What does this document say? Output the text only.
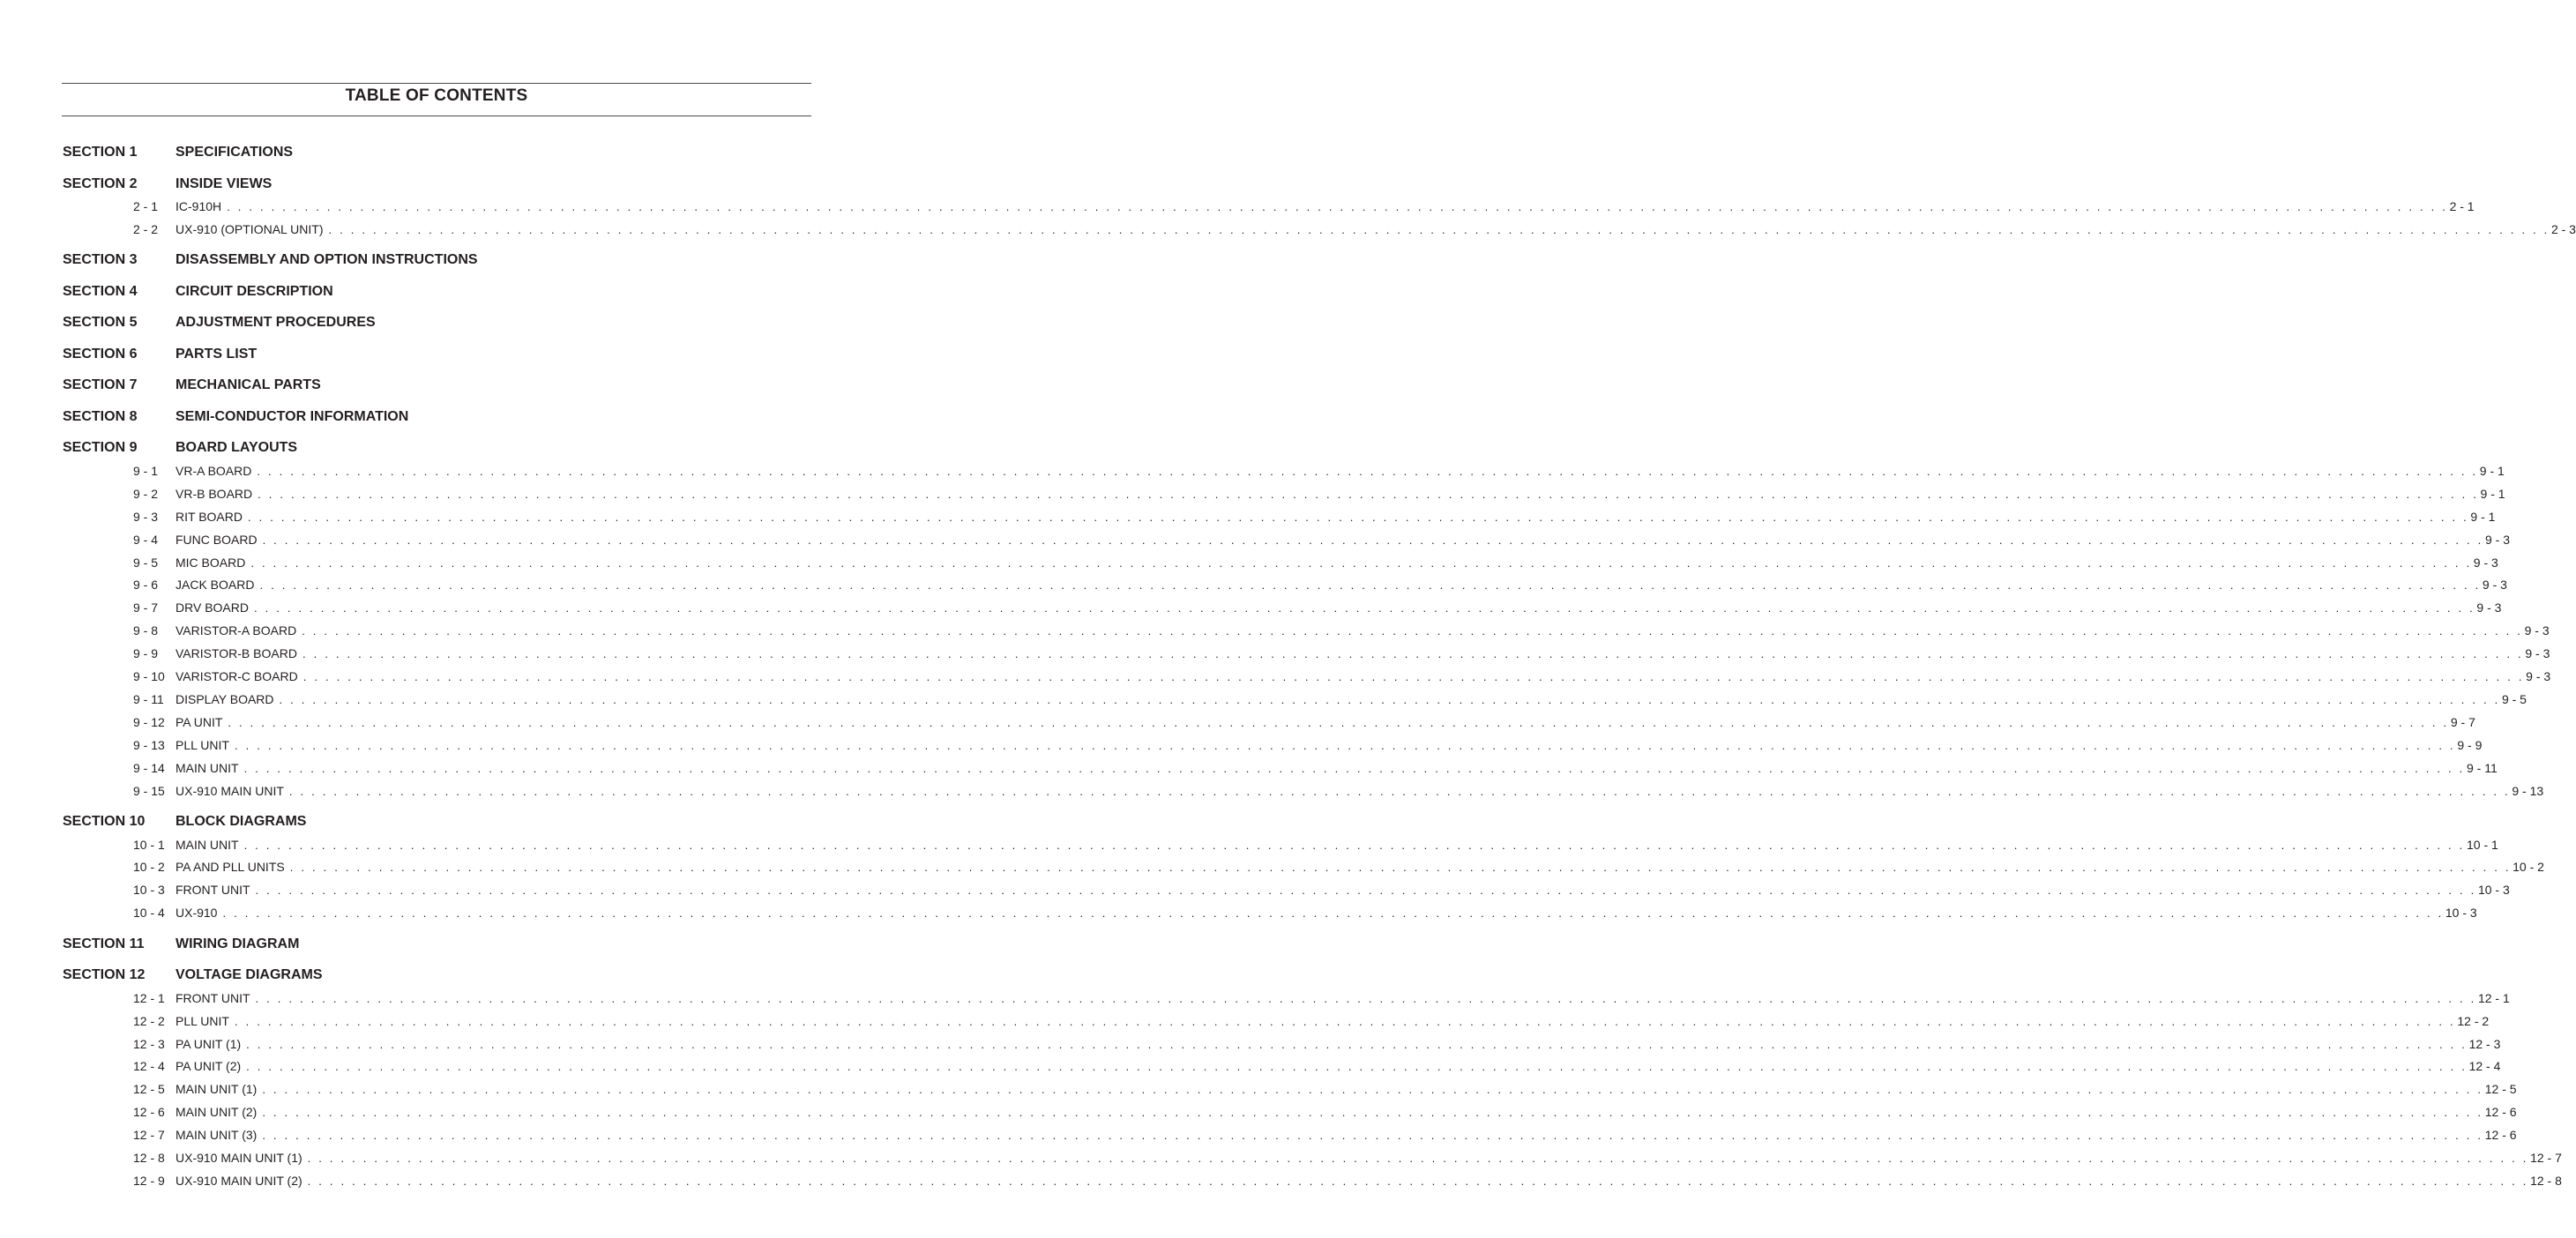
TABLE OF CONTENTS
SECTION 1	SPECIFICATIONS
SECTION 2	INSIDE VIEWS
2 - 1 IC-910H . . . . . . . . . . . . . . . . . . . . . . . . . . . . . . . . . . . . . . . . . . . . . . . . . . . . . . . . . . . . . . . . . . . . . . . . . . . . . . . . . . . . . . . . . . . . . . . . . . . . . . . . . . . . . . . . . . . . . . . . . . . . . . . . . . . . . . . . . . . . . . . . . . . . . . . . . . . . . . . . . . . . . . . . . . . . . . . . . . . . . . . . . . . . . . . . . . . . . . . . 2 - 1
2 - 2 UX-910 (OPTIONAL UNIT) . . . . . . . . . . . . . . . . . . . . . . . . . . . . . . . . . . . . . . . . . . . . . . . . . . . . . . . . . . . . . . . . . . . . . . . . . . . . . . . . . . . . . . . . . . . . . . . . . . . . . . . . . . . . . . . . . . . . . . . . . . . . . . . . . . . . . . . . . . . . . . . . . . . . . . . . . . . . . . . . . . . . . . . . . . . . . . . . . . . . . . . . . . . . . . . . . . . . . . . . 2 - 3
SECTION 3	DISASSEMBLY AND OPTION INSTRUCTIONS
SECTION 4	CIRCUIT DESCRIPTION
SECTION 5	ADJUSTMENT PROCEDURES
SECTION 6	PARTS LIST
SECTION 7	MECHANICAL PARTS
SECTION 8	SEMI-CONDUCTOR INFORMATION
SECTION 9	BOARD LAYOUTS
9 - 1 VR-A BOARD . . . . . . . . . . . . . . . . . . . . . . . . . . . . . . . . . . . . . . . . . . . . . . . . . . . . . . . . . . . . . . . . . . . . . . . . . . . . . . . . . . . . . . . . . . . . . . . . . . . . . . . . . . . . . . . . . . . . . . . . . . . . . . . . . . . . . . . . . . . . . . . . . . . . . . . . . . . . . . . . . . . . . . . . . . . . . . . . . . . . . . . . . . . . . . . . . . . . . . . . 9 - 1
9 - 2 VR-B BOARD . . . . . . . . . . . . . . . . . . . . . . . . . . . . . . . . . . . . . . . . . . . . . . . . . . . . . . . . . . . . . . . . . . . . . . . . . . . . . . . . . . . . . . . . . . . . . . . . . . . . . . . . . . . . . . . . . . . . . . . . . . . . . . . . . . . . . . . . . . . . . . . . . . . . . . . . . . . . . . . . . . . . . . . . . . . . . . . . . . . . . . . . . . . . . . . . . . . . . . . . 9 - 1
9 - 3 RIT BOARD . . . . . . . . . . . . . . . . . . . . . . . . . . . . . . . . . . . . . . . . . . . . . . . . . . . . . . . . . . . . . . . . . . . . . . . . . . . . . . . . . . . . . . . . . . . . . . . . . . . . . . . . . . . . . . . . . . . . . . . . . . . . . . . . . . . . . . . . . . . . . . . . . . . . . . . . . . . . . . . . . . . . . . . . . . . . . . . . . . . . . . . . . . . . . . . . . . . . . . . . 9 - 1
9 - 4 FUNC BOARD . . . . . . . . . . . . . . . . . . . . . . . . . . . . . . . . . . . . . . . . . . . . . . . . . . . . . . . . . . . . . . . . . . . . . . . . . . . . . . . . . . . . . . . . . . . . . . . . . . . . . . . . . . . . . . . . . . . . . . . . . . . . . . . . . . . . . . . . . . . . . . . . . . . . . . . . . . . . . . . . . . . . . . . . . . . . . . . . . . . . . . . . . . . . . . . . . . . . . . . . 9 - 3
9 - 5 MIC BOARD . . . . . . . . . . . . . . . . . . . . . . . . . . . . . . . . . . . . . . . . . . . . . . . . . . . . . . . . . . . . . . . . . . . . . . . . . . . . . . . . . . . . . . . . . . . . . . . . . . . . . . . . . . . . . . . . . . . . . . . . . . . . . . . . . . . . . . . . . . . . . . . . . . . . . . . . . . . . . . . . . . . . . . . . . . . . . . . . . . . . . . . . . . . . . . . . . . . . . . . . 9 - 3
9 - 6 JACK BOARD . . . . . . . . . . . . . . . . . . . . . . . . . . . . . . . . . . . . . . . . . . . . . . . . . . . . . . . . . . . . . . . . . . . . . . . . . . . . . . . . . . . . . . . . . . . . . . . . . . . . . . . . . . . . . . . . . . . . . . . . . . . . . . . . . . . . . . . . . . . . . . . . . . . . . . . . . . . . . . . . . . . . . . . . . . . . . . . . . . . . . . . . . . . . . . . . . . . . . . . . 9 - 3
9 - 7 DRV BOARD . . . . . . . . . . . . . . . . . . . . . . . . . . . . . . . . . . . . . . . . . . . . . . . . . . . . . . . . . . . . . . . . . . . . . . . . . . . . . . . . . . . . . . . . . . . . . . . . . . . . . . . . . . . . . . . . . . . . . . . . . . . . . . . . . . . . . . . . . . . . . . . . . . . . . . . . . . . . . . . . . . . . . . . . . . . . . . . . . . . . . . . . . . . . . . . . . . . . . . . . 9 - 3
9 - 8 VARISTOR-A BOARD . . . . . . . . . . . . . . . . . . . . . . . . . . . . . . . . . . . . . . . . . . . . . . . . . . . . . . . . . . . . . . . . . . . . . . . . . . . . . . . . . . . . . . . . . . . . . . . . . . . . . . . . . . . . . . . . . . . . . . . . . . . . . . . . . . . . . . . . . . . . . . . . . . . . . . . . . . . . . . . . . . . . . . . . . . . . . . . . . . . . . . . . . . . . . . . . . . . . . . . . 9 - 3
9 - 9 VARISTOR-B BOARD . . . . . . . . . . . . . . . . . . . . . . . . . . . . . . . . . . . . . . . . . . . . . . . . . . . . . . . . . . . . . . . . . . . . . . . . . . . . . . . . . . . . . . . . . . . . . . . . . . . . . . . . . . . . . . . . . . . . . . . . . . . . . . . . . . . . . . . . . . . . . . . . . . . . . . . . . . . . . . . . . . . . . . . . . . . . . . . . . . . . . . . . . . . . . . . . . . . . . . . . 9 - 3
9 - 10 VARISTOR-C BOARD . . . . . . . . . . . . . . . . . . . . . . . . . . . . . . . . . . . . . . . . . . . . . . . . . . . . . . . . . . . . . . . . . . . . . . . . . . . . . . . . . . . . . . . . . . . . . . . . . . . . . . . . . . . . . . . . . . . . . . . . . . . . . . . . . . . . . . . . . . . . . . . . . . . . . . . . . . . . . . . . . . . . . . . . . . . . . . . . . . . . . . . . . . . . . . . . . . . . . . . . 9 - 3
9 - 11 DISPLAY BOARD . . . . . . . . . . . . . . . . . . . . . . . . . . . . . . . . . . . . . . . . . . . . . . . . . . . . . . . . . . . . . . . . . . . . . . . . . . . . . . . . . . . . . . . . . . . . . . . . . . . . . . . . . . . . . . . . . . . . . . . . . . . . . . . . . . . . . . . . . . . . . . . . . . . . . . . . . . . . . . . . . . . . . . . . . . . . . . . . . . . . . . . . . . . . . . . . . . . . . . . . 9 - 5
9 - 12 PA UNIT . . . . . . . . . . . . . . . . . . . . . . . . . . . . . . . . . . . . . . . . . . . . . . . . . . . . . . . . . . . . . . . . . . . . . . . . . . . . . . . . . . . . . . . . . . . . . . . . . . . . . . . . . . . . . . . . . . . . . . . . . . . . . . . . . . . . . . . . . . . . . . . . . . . . . . . . . . . . . . . . . . . . . . . . . . . . . . . . . . . . . . . . . . . . . . . . . . . . . . . . 9 - 7
9 - 13 PLL UNIT . . . . . . . . . . . . . . . . . . . . . . . . . . . . . . . . . . . . . . . . . . . . . . . . . . . . . . . . . . . . . . . . . . . . . . . . . . . . . . . . . . . . . . . . . . . . . . . . . . . . . . . . . . . . . . . . . . . . . . . . . . . . . . . . . . . . . . . . . . . . . . . . . . . . . . . . . . . . . . . . . . . . . . . . . . . . . . . . . . . . . . . . . . . . . . . . . . . . . . . . 9 - 9
9 - 14 MAIN UNIT . . . . . . . . . . . . . . . . . . . . . . . . . . . . . . . . . . . . . . . . . . . . . . . . . . . . . . . . . . . . . . . . . . . . . . . . . . . . . . . . . . . . . . . . . . . . . . . . . . . . . . . . . . . . . . . . . . . . . . . . . . . . . . . . . . . . . . . . . . . . . . . . . . . . . . . . . . . . . . . . . . . . . . . . . . . . . . . . . . . . . . . . . . . . . . . . . . . . . . . . 9 - 11
9 - 15 UX-910 MAIN UNIT . . . . . . . . . . . . . . . . . . . . . . . . . . . . . . . . . . . . . . . . . . . . . . . . . . . . . . . . . . . . . . . . . . . . . . . . . . . . . . . . . . . . . . . . . . . . . . . . . . . . . . . . . . . . . . . . . . . . . . . . . . . . . . . . . . . . . . . . . . . . . . . . . . . . . . . . . . . . . . . . . . . . . . . . . . . . . . . . . . . . . . . . . . . . . . . . . . . . . . . . 9 - 13
SECTION 10 BLOCK DIAGRAMS
10 - 1 MAIN UNIT . . . . . . . . . . . . . . . . . . . . . . . . . . . . . . . . . . . . . . . . . . . . . . . . . . . . . . . . . . . . . . . . . . . . . . . . . . . . . . . . . . . . . . . . . . . . . . . . . . . . . . . . . . . . . . . . . . . . . . . . . . . . . . . . . . . . . . . . . . . . . . . . . . . . . . . . . . . . . . . . . . . . . . . . . . . . . . . . . . . . . . . . . . . . . . . . . . . . . . . . 10 - 1
10 - 2 PA AND PLL UNITS . . . . . . . . . . . . . . . . . . . . . . . . . . . . . . . . . . . . . . . . . . . . . . . . . . . . . . . . . . . . . . . . . . . . . . . . . . . . . . . . . . . . . . . . . . . . . . . . . . . . . . . . . . . . . . . . . . . . . . . . . . . . . . . . . . . . . . . . . . . . . . . . . . . . . . . . . . . . . . . . . . . . . . . . . . . . . . . . . . . . . . . . . . . . . . . . . . . . . . . . 10 - 2
10 - 3 FRONT UNIT . . . . . . . . . . . . . . . . . . . . . . . . . . . . . . . . . . . . . . . . . . . . . . . . . . . . . . . . . . . . . . . . . . . . . . . . . . . . . . . . . . . . . . . . . . . . . . . . . . . . . . . . . . . . . . . . . . . . . . . . . . . . . . . . . . . . . . . . . . . . . . . . . . . . . . . . . . . . . . . . . . . . . . . . . . . . . . . . . . . . . . . . . . . . . . . . . . . . . . . . 10 - 3
10 - 4 UX-910 . . . . . . . . . . . . . . . . . . . . . . . . . . . . . . . . . . . . . . . . . . . . . . . . . . . . . . . . . . . . . . . . . . . . . . . . . . . . . . . . . . . . . . . . . . . . . . . . . . . . . . . . . . . . . . . . . . . . . . . . . . . . . . . . . . . . . . . . . . . . . . . . . . . . . . . . . . . . . . . . . . . . . . . . . . . . . . . . . . . . . . . . . . . . . . . . . . . . . . . . 10 - 3
SECTION 11 WIRING DIAGRAM
SECTION 12 VOLTAGE DIAGRAMS
12 - 1 FRONT UNIT . . . . . . . . . . . . . . . . . . . . . . . . . . . . . . . . . . . . . . . . . . . . . . . . . . . . . . . . . . . . . . . . . . . . . . . . . . . . . . . . . . . . . . . . . . . . . . . . . . . . . . . . . . . . . . . . . . . . . . . . . . . . . . . . . . . . . . . . . . . . . . . . . . . . . . . . . . . . . . . . . . . . . . . . . . . . . . . . . . . . . . . . . . . . . . . . . . . . . . . . 12 - 1
12 - 2 PLL UNIT . . . . . . . . . . . . . . . . . . . . . . . . . . . . . . . . . . . . . . . . . . . . . . . . . . . . . . . . . . . . . . . . . . . . . . . . . . . . . . . . . . . . . . . . . . . . . . . . . . . . . . . . . . . . . . . . . . . . . . . . . . . . . . . . . . . . . . . . . . . . . . . . . . . . . . . . . . . . . . . . . . . . . . . . . . . . . . . . . . . . . . . . . . . . . . . . . . . . . . . . 12 - 2
12 - 3 PA UNIT (1) . . . . . . . . . . . . . . . . . . . . . . . . . . . . . . . . . . . . . . . . . . . . . . . . . . . . . . . . . . . . . . . . . . . . . . . . . . . . . . . . . . . . . . . . . . . . . . . . . . . . . . . . . . . . . . . . . . . . . . . . . . . . . . . . . . . . . . . . . . . . . . . . . . . . . . . . . . . . . . . . . . . . . . . . . . . . . . . . . . . . . . . . . . . . . . . . . . . . . . . . 12 - 3
12 - 4 PA UNIT (2) . . . . . . . . . . . . . . . . . . . . . . . . . . . . . . . . . . . . . . . . . . . . . . . . . . . . . . . . . . . . . . . . . . . . . . . . . . . . . . . . . . . . . . . . . . . . . . . . . . . . . . . . . . . . . . . . . . . . . . . . . . . . . . . . . . . . . . . . . . . . . . . . . . . . . . . . . . . . . . . . . . . . . . . . . . . . . . . . . . . . . . . . . . . . . . . . . . . . . . . . 12 - 4
12 - 5 MAIN UNIT (1) . . . . . . . . . . . . . . . . . . . . . . . . . . . . . . . . . . . . . . . . . . . . . . . . . . . . . . . . . . . . . . . . . . . . . . . . . . . . . . . . . . . . . . . . . . . . . . . . . . . . . . . . . . . . . . . . . . . . . . . . . . . . . . . . . . . . . . . . . . . . . . . . . . . . . . . . . . . . . . . . . . . . . . . . . . . . . . . . . . . . . . . . . . . . . . . . . . . . . . . . 12 - 5
12 - 6 MAIN UNIT (2) . . . . . . . . . . . . . . . . . . . . . . . . . . . . . . . . . . . . . . . . . . . . . . . . . . . . . . . . . . . . . . . . . . . . . . . . . . . . . . . . . . . . . . . . . . . . . . . . . . . . . . . . . . . . . . . . . . . . . . . . . . . . . . . . . . . . . . . . . . . . . . . . . . . . . . . . . . . . . . . . . . . . . . . . . . . . . . . . . . . . . . . . . . . . . . . . . . . . . . . . 12 - 6
12 - 7 MAIN UNIT (3) . . . . . . . . . . . . . . . . . . . . . . . . . . . . . . . . . . . . . . . . . . . . . . . . . . . . . . . . . . . . . . . . . . . . . . . . . . . . . . . . . . . . . . . . . . . . . . . . . . . . . . . . . . . . . . . . . . . . . . . . . . . . . . . . . . . . . . . . . . . . . . . . . . . . . . . . . . . . . . . . . . . . . . . . . . . . . . . . . . . . . . . . . . . . . . . . . . . . . . . . 12 - 6
12 - 8 UX-910 MAIN UNIT (1) . . . . . . . . . . . . . . . . . . . . . . . . . . . . . . . . . . . . . . . . . . . . . . . . . . . . . . . . . . . . . . . . . . . . . . . . . . . . . . . . . . . . . . . . . . . . . . . . . . . . . . . . . . . . . . . . . . . . . . . . . . . . . . . . . . . . . . . . . . . . . . . . . . . . . . . . . . . . . . . . . . . . . . . . . . . . . . . . . . . . . . . . . . . . . . . . . . . . . . . . 12 - 7
12 - 9 UX-910 MAIN UNIT (2) . . . . . . . . . . . . . . . . . . . . . . . . . . . . . . . . . . . . . . . . . . . . . . . . . . . . . . . . . . . . . . . . . . . . . . . . . . . . . . . . . . . . . . . . . . . . . . . . . . . . . . . . . . . . . . . . . . . . . . . . . . . . . . . . . . . . . . . . . . . . . . . . . . . . . . . . . . . . . . . . . . . . . . . . . . . . . . . . . . . . . . . . . . . . . . . . . . . . . . . . 12 - 8
